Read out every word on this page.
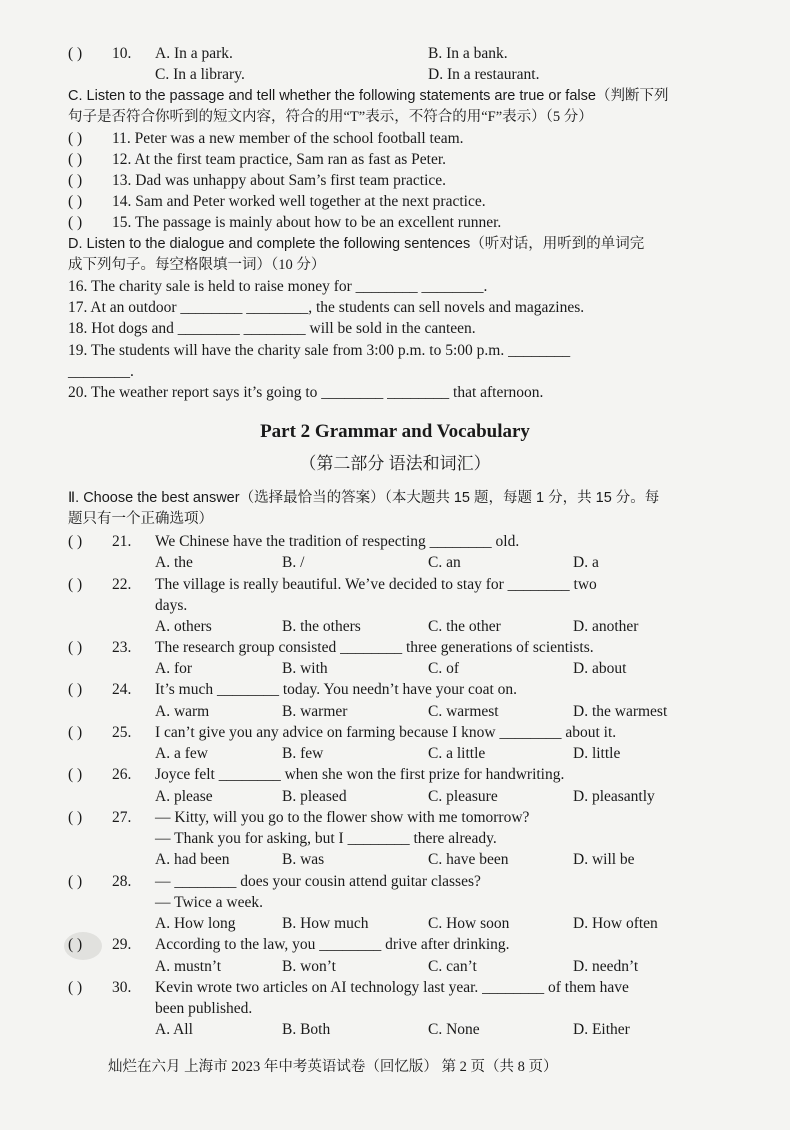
( ) 10. A. In a park.	B. In a bank.
C. In a library.	D. In a restaurant.
C. Listen to the passage and tell whether the following statements are true or false（判断下列
句子是否符合你听到的短文内容，符合的用“T”表示，不符合的用“F”表示）（5 分）
( ) 11. Peter was a new member of the school football team.
( ) 12. At the first team practice, Sam ran as fast as Peter.
( ) 13. Dad was unhappy about Sam’s first team practice.
( ) 14. Sam and Peter worked well together at the next practice.
( ) 15. The passage is mainly about how to be an excellent runner.
D. Listen to the dialogue and complete the following sentences（听对话，用听到的单词完
成下列句子。每空格限填一词）（10 分）
16. The charity sale is held to raise money for ________ ________.
17. At an outdoor ________ ________, the students can sell novels and magazines.
18. Hot dogs and ________ ________ will be sold in the canteen.
19. The students will have the charity sale from 3:00 p.m. to 5:00 p.m. ________
________.
20. The weather report says it’s going to ________ ________ that afternoon.
Part 2 Grammar and Vocabulary
（第二部分 语法和词汇）
Ⅱ. Choose the best answer（选择最恰当的答案）（本大题共 15 题，每题 1 分，共 15 分。每
题只有一个正确选项）
( ) 21. We Chinese have the tradition of respecting ________ old.
A. the	B. /	C. an	D. a
( ) 22. The village is really beautiful. We’ve decided to stay for ________ two
days.
A. others	B. the others	C. the other	D. another
( ) 23. The research group consisted ________ three generations of scientists.
A. for	B. with	C. of	D. about
( ) 24. It’s much ________ today. You needn’t have your coat on.
A. warm	B. warmer	C. warmest	D. the warmest
( ) 25. I can’t give you any advice on farming because I know ________ about it.
A. a few	B. few	C. a little	D. little
( ) 26. Joyce felt ________ when she won the first prize for handwriting.
A. please	B. pleased	C. pleasure	D. pleasantly
( ) 27. — Kitty, will you go to the flower show with me tomorrow?
— Thank you for asking, but I ________ there already.
A. had been	B. was	C. have been	D. will be
( ) 28. — ________ does your cousin attend guitar classes?
— Twice a week.
A. How long	B. How much	C. How soon	D. How often
( ) 29. According to the law, you ________ drive after drinking.
A. mustn’t	B. won’t	C. can’t	D. needn’t
( ) 30. Kevin wrote two articles on AI technology last year. ________ of them have
been published.
A. All	B. Both	C. None	D. Either
灿烂在六月 上海市 2023 年中考英语试卷（回忆版） 第 2 页（共 8 页）
